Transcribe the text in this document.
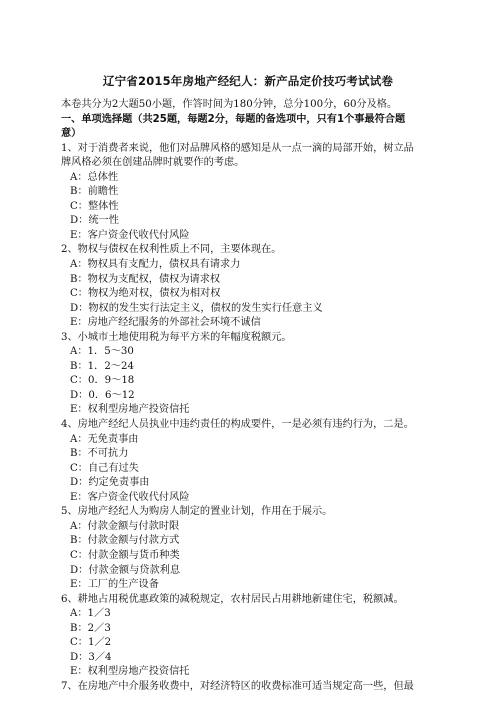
辽宁省2015年房地产经纪人：新产品定价技巧考试试卷
本卷共分为2大题50小题，作答时间为180分钟，总分100分，60分及格。
一、单项选择题（共25题，每题2分，每题的备选项中，只有1个事最符合题
意）
1、对于消费者来说，他们对品牌风格的感知是从一点一滴的局部开始，树立品
牌风格必须在创建品牌时就要作的考虑。
A：总体性
B：前瞻性
C：整体性
D：统一性
E：客户资金代收代付风险
2、物权与债权在权利性质上不同，主要体现在。
A：物权具有支配力，债权具有请求力
B：物权为支配权，债权为请求权
C：物权为绝对权，债权为相对权
D：物权的发生实行法定主义，债权的发生实行任意主义
E：房地产经纪服务的外部社会环境不诚信
3、小城市土地使用税为每平方米的年幅度税额元。
A：1．5～30
B：1．2～24
C：0．9～18
D：0．6～12
E：权利型房地产投资信托
4、房地产经纪人员执业中违约责任的构成要件，一是必须有违约行为，二是。
A：无免责事由
B：不可抗力
C：自己有过失
D：约定免责事由
E：客户资金代收代付风险
5、房地产经纪人为购房人制定的置业计划，作用在于展示。
A：付款金额与付款时限
B：付款金额与付款方式
C：付款金额与货币种类
D：付款金额与贷款利息
E：工厂的生产设备
6、耕地占用税优惠政策的减税规定，农村居民占用耕地新建住宅，税额减。
A：1／3
B：2／3
C：1／2
D：3／4
E：权利型房地产投资信托
7、在房地产中介服务收费中，对经济特区的收费标准可适当规定高一些，但最
